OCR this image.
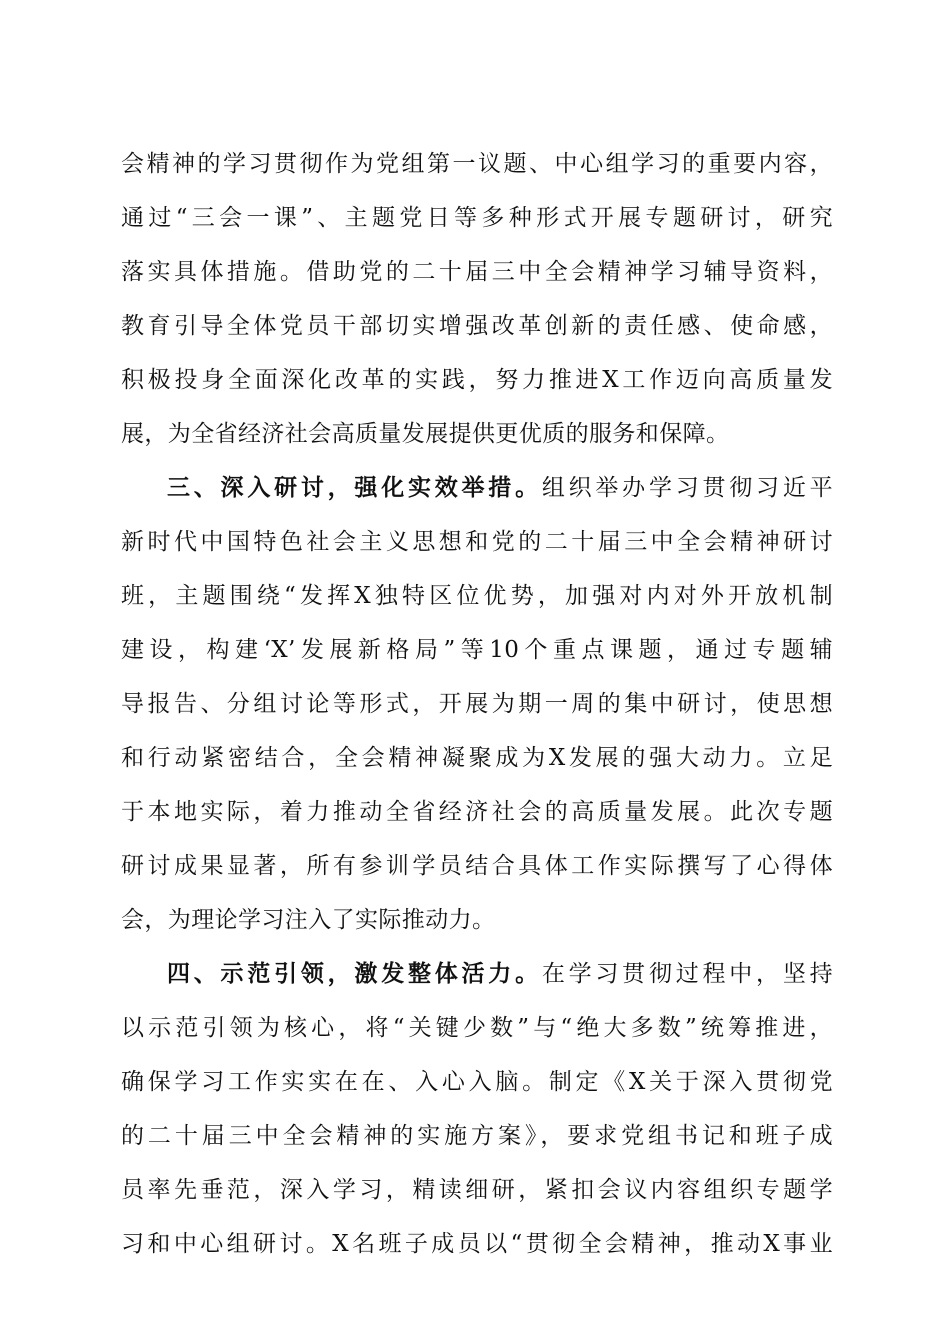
会精神的学习贯彻作为党组第一议题、中心组学习的重要内容，
通过“三会一课”、主题党日等多种形式开展专题研讨，研究
落实具体措施。借助党的二十届三中全会精神学习辅导资料，
教育引导全体党员干部切实增强改革创新的责任感、使命感，
积极投身全面深化改革的实践，努力推进X工作迈向高质量发
展，为全省经济社会高质量发展提供更优质的服务和保障。
三、深入研讨，强化实效举措。组织举办学习贯彻习近平
新时代中国特色社会主义思想和党的二十届三中全会精神研讨
班，主题围绕“发挥X独特区位优势，加强对内对外开放机制
建设，构建‘X’发展新格局”等10个重点课题，通过专题辅
导报告、分组讨论等形式，开展为期一周的集中研讨，使思想
和行动紧密结合，全会精神凝聚成为X发展的强大动力。立足
于本地实际，着力推动全省经济社会的高质量发展。此次专题
研讨成果显著，所有参训学员结合具体工作实际撰写了心得体
会，为理论学习注入了实际推动力。
四、示范引领，激发整体活力。在学习贯彻过程中，坚持
以示范引领为核心，将“关键少数”与“绝大多数”统筹推进，
确保学习工作实实在在、入心入脑。制定《X关于深入贯彻党
的二十届三中全会精神的实施方案》，要求党组书记和班子成
员率先垂范，深入学习，精读细研，紧扣会议内容组织专题学
习和中心组研讨。X名班子成员以“贯彻全会精神，推动X事业
